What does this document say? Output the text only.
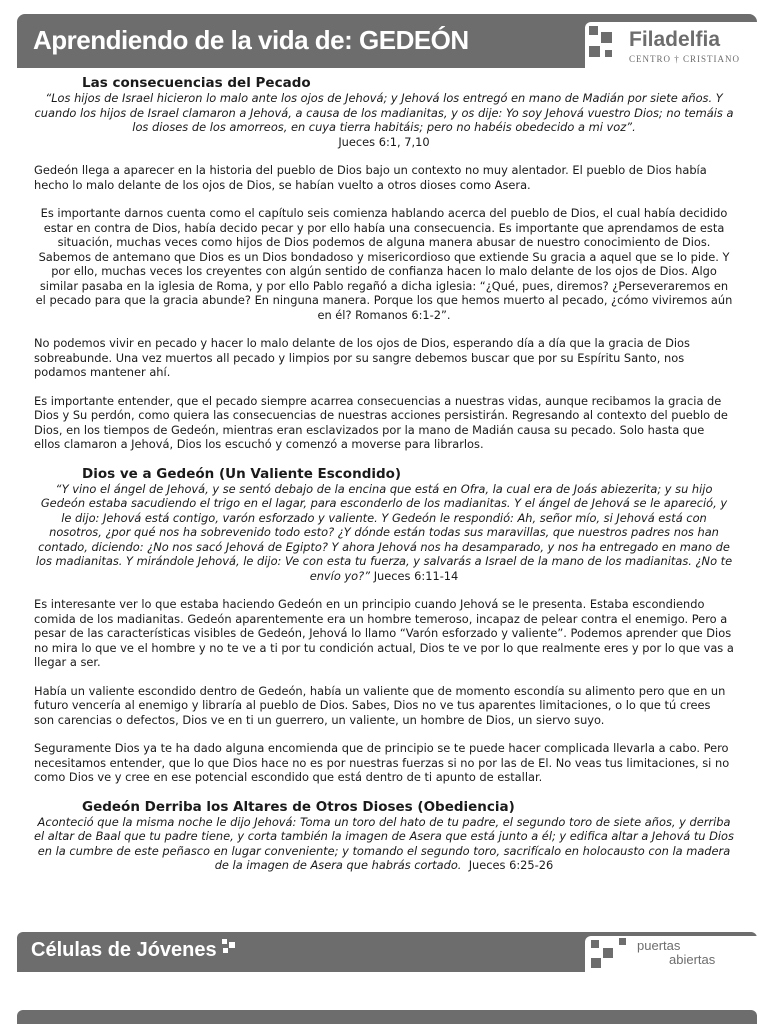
Aprendiendo de la vida de: GEDEÓN	Filadelfia
CENTRO † CRISTIANO
Las consecuencias del Pecado

“Los hijos de Israel hicieron lo malo ante los ojos de Jehová; y Jehová los entregó en mano de Madián por siete años. Y cuando los hijos de Israel clamaron a Jehová, a causa de los madianitas, y os dije: Yo soy Jehová vuestro Dios; no temáis a los dioses de los amorreos, en cuya tierra habitáis; pero no habéis obedecido a mi voz”.

Jueces 6:1, 7,10

Gedeón llega a aparecer en la historia del pueblo de Dios bajo un contexto no muy alentador. El pueblo de Dios había hecho lo malo delante de los ojos de Dios, se habían vuelto a otros dioses como Asera.

Es importante darnos cuenta como el capítulo seis comienza hablando acerca del pueblo de Dios, el cual había decidido estar en contra de Dios, había decido pecar y por ello había una consecuencia. Es importante que aprendamos de esta situación, muchas veces como hijos de Dios podemos de alguna manera abusar de nuestro conocimiento de Dios. Sabemos de antemano que Dios es un Dios bondadoso y misericordioso que extiende Su gracia a aquel que se lo pide. Y por ello, muchas veces los creyentes con algún sentido de confianza hacen lo malo delante de los ojos de Dios. Algo similar pasaba en la iglesia de Roma, y por ello Pablo regañó a dicha iglesia: “¿Qué, pues, diremos? ¿Perseveraremos en el pecado para que la gracia abunde? En ninguna manera. Porque los que hemos muerto al pecado, ¿cómo viviremos aún en él? Romanos 6:1-2”.

No podemos vivir en pecado y hacer lo malo delante de los ojos de Dios, esperando día a día que la gracia de Dios sobreabunde. Una vez muertos all pecado y limpios por su sangre debemos buscar que por su Espíritu Santo, nos podamos mantener ahí.

Es importante entender, que el pecado siempre acarrea consecuencias a nuestras vidas, aunque recibamos la gracia de Dios y Su perdón, como quiera las consecuencias de nuestras acciones persistirán. Regresando al contexto del pueblo de Dios, en los tiempos de Gedeón, mientras eran esclavizados por la mano de Madián causa su pecado. Solo hasta que ellos clamaron a Jehová, Dios los escuchó y comenzó a moverse para librarlos.

Dios ve a Gedeón (Un Valiente Escondido)

“Y vino el ángel de Jehová, y se sentó debajo de la encina que está en Ofra, la cual era de Joás abiezerita; y su hijo Gedeón estaba sacudiendo el trigo en el lagar, para esconderlo de los madianitas. Y el ángel de Jehová se le apareció, y le dijo: Jehová está contigo, varón esforzado y valiente. Y Gedeón le respondió: Ah, señor mío, si Jehová está con nosotros, ¿por qué nos ha sobrevenido todo esto? ¿Y dónde están todas sus maravillas, que nuestros padres nos han contado, diciendo: ¿No nos sacó Jehová de Egipto? Y ahora Jehová nos ha desamparado, y nos ha entregado en mano de los madianitas. Y mirándole Jehová, le dijo: Ve con esta tu fuerza, y salvarás a Israel de la mano de los madianitas. ¿No te envío yo?” Jueces 6:11-14

Es interesante ver lo que estaba haciendo Gedeón en un principio cuando Jehová se le presenta. Estaba escondiendo comida de los madianitas. Gedeón aparentemente era un hombre temeroso, incapaz de pelear contra el enemigo. Pero a pesar de las características visibles de Gedeón, Jehová lo llamo “Varón esforzado y valiente”. Podemos aprender que Dios no mira lo que ve el hombre y no te ve a ti por tu condición actual, Dios te ve por lo que realmente eres y por lo que vas a llegar a ser.

Había un valiente escondido dentro de Gedeón, había un valiente que de momento escondía su alimento pero que en un futuro vencería al enemigo y libraría al pueblo de Dios. Sabes, Dios no ve tus aparentes limitaciones, o lo que tú crees son carencias o defectos, Dios ve en ti un guerrero, un valiente, un hombre de Dios, un siervo suyo.

Seguramente Dios ya te ha dado alguna encomienda que de principio se te puede hacer complicada llevarla a cabo. Pero necesitamos entender, que lo que Dios hace no es por nuestras fuerzas si no por las de El. No veas tus limitaciones, si no como Dios ve y cree en ese potencial escondido que está dentro de ti apunto de estallar.

Gedeón Derriba los Altares de Otros Dioses (Obediencia)

Aconteció que la misma noche le dijo Jehová: Toma un toro del hato de tu padre, el segundo toro de siete años, y derriba el altar de Baal que tu padre tiene, y corta también la imagen de Asera que está junto a él; y edifica altar a Jehová tu Dios en la cumbre de este peñasco en lugar conveniente; y tomando el segundo toro, sacrifícalo en holocausto con la madera de la imagen de Asera que habrás cortado. Jueces 6:25-26

Células de Jóvenes	puertas
abiertas
